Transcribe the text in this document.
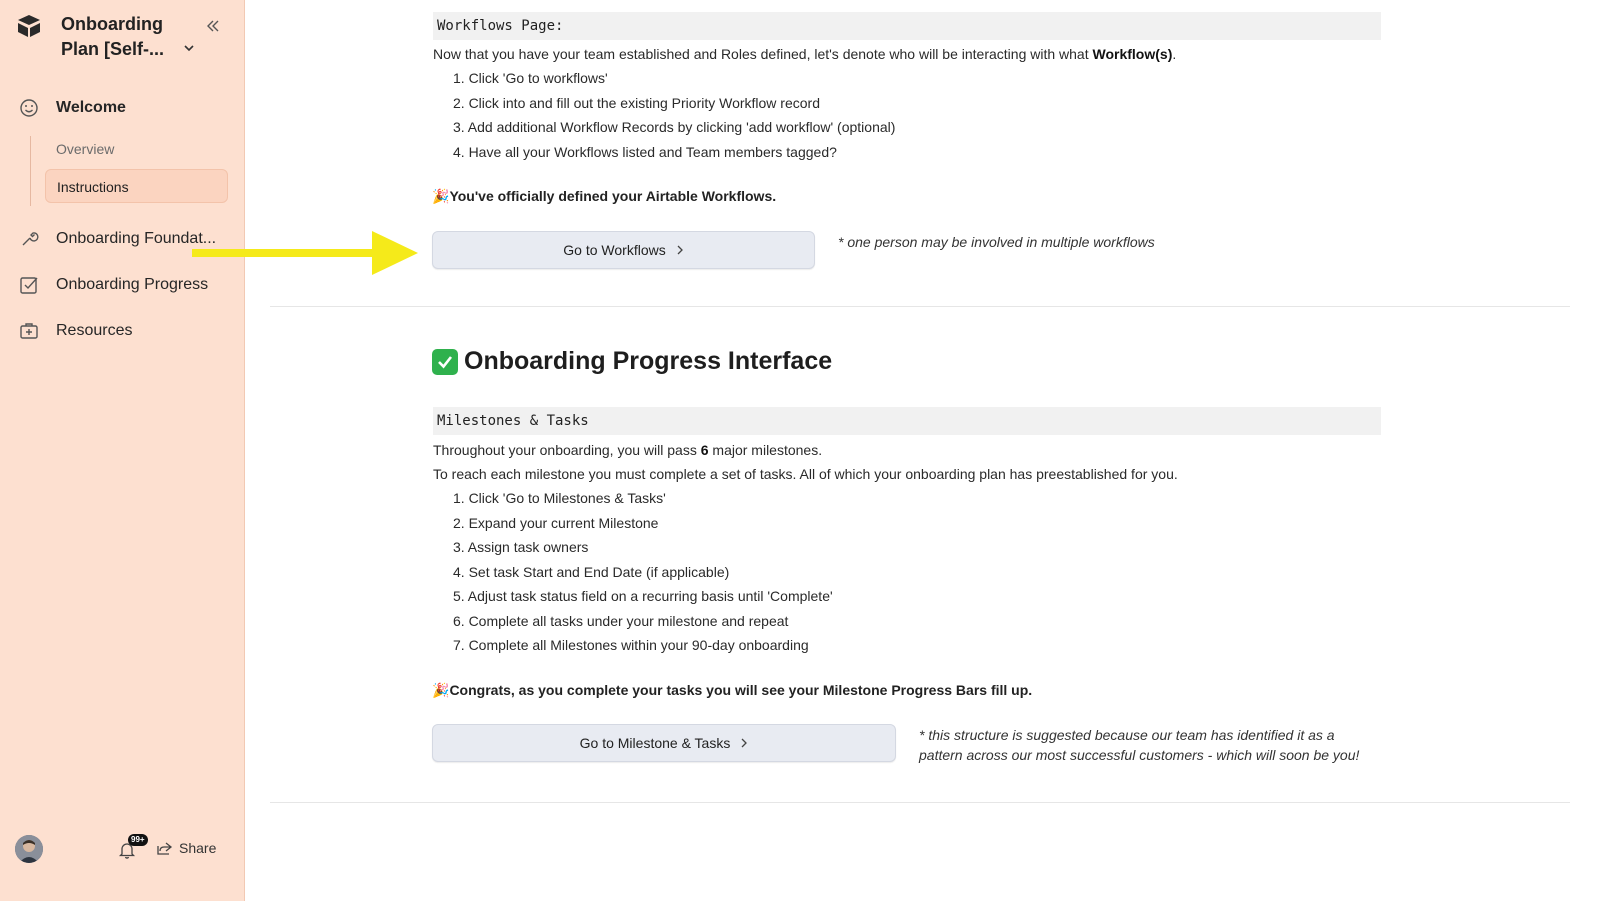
Onboarding Plan [Self-...
Welcome
Overview
Instructions
Onboarding Foundat...
Onboarding Progress
Resources
99+
Share
Workflows Page:
Now that you have your team established and Roles defined, let's denote who will be interacting with what Workflow(s).
1. Click 'Go to workflows'
2. Click into and fill out the existing Priority Workflow record
3. Add additional Workflow Records by clicking 'add workflow' (optional)
4. Have all your Workflows listed and Team members tagged?
🎉You've officially defined your Airtable Workflows.
Go to Workflows	* one person may be involved in multiple workflows
Onboarding Progress Interface
Milestones & Tasks
Throughout your onboarding, you will pass 6 major milestones.
To reach each milestone you must complete a set of tasks. All of which your onboarding plan has preestablished for you.
1. Click 'Go to Milestones & Tasks'
2. Expand your current Milestone
3. Assign task owners
4. Set task Start and End Date (if applicable)
5. Adjust task status field on a recurring basis until 'Complete'
6. Complete all tasks under your milestone and repeat
7. Complete all Milestones within your 90-day onboarding
🎉Congrats, as you complete your tasks you will see your Milestone Progress Bars fill up.
Go to Milestone & Tasks	* this structure is suggested because our team has identified it as a
pattern across our most successful customers - which will soon be you!
